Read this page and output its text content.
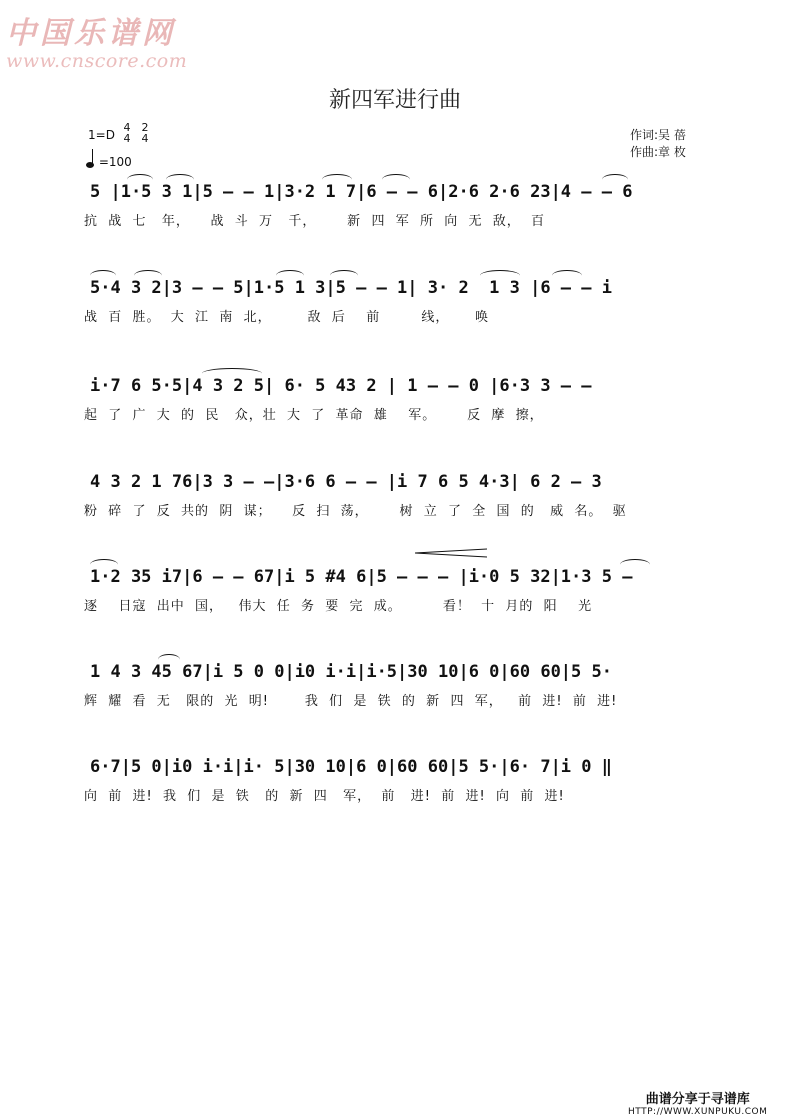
中国乐谱网
www.cnscore.com
新四军进行曲
1=D
4
4
2
4
=100
作词:吴 蓓
作曲:章 枚
5 |1·5 3 1|5 — — 1|3·2 1 7|6 — — 6|2·6 2·6 23|4 — — 6
抗  战  七   年，    战  斗  万   千，      新  四  军  所  向  无  敌，  百
5·4 3 2|3 — — 5|1·5 1 3|5 — — 1| 3· 2  1 3 |6 — — i
战  百  胜。  大  江  南  北，       敌  后    前        线，     唤
i·7 6 5·5|4 3 2 5| 6· 5 43 2 | 1 — — 0 |6·3 3 — —
起  了  广  大  的  民   众，壮  大  了  革命  雄    军。      反  摩  擦，
4 3 2 1 76|3 3 — —|3·6 6 — — |i 7 6 5 4·3| 6 2 — 3
粉  碎  了  反  共的  阴  谋；    反  扫  荡，      树  立  了  全  国  的   威  名。  驱
1·2 35 i7|6 — — 67|i 5 #4 6|5 — — — |i·0 5 32|1·3 5 —
逐    日寇  出中  国，   伟大  任  务  要  完  成。        看！  十  月的  阳    光
1 4 3 45 67|i 5 0 0|i0 i·i|i·5|30 10|6 0|60 60|5 5·
辉  耀  看  无   限的  光  明!       我  们  是  铁  的  新  四  军，   前  进!  前  进!
6·7|5 0|i0 i·i|i· 5|30 10|6 0|60 60|5 5·|6· 7|i 0 ‖
向  前  进!  我  们  是  铁   的  新  四   军，  前   进!  前  进!  向  前  进!
曲谱分享于寻谱库
HTTP://WWW.XUNPUKU.COM
